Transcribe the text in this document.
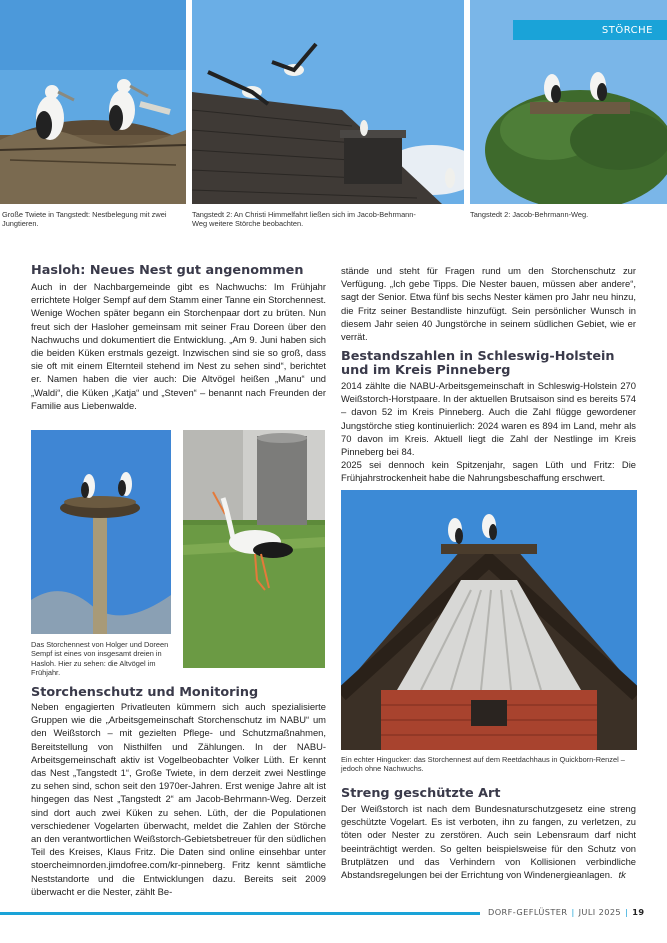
Große Twiete in Tangstedt: Nestbelegung mit zwei Jungtieren.
Tangstedt 2: An Christi Himmelfahrt ließen sich im Jacob-Behrmann-Weg weitere Störche beobachten.
STÖRCHE
Tangstedt 2: Jacob-Behrmann-Weg.
Hasloh: Neues Nest gut angenommen

Auch in der Nachbargemeinde gibt es Nachwuchs: Im Frühjahr errichtete Holger Sempf auf dem Stamm einer Tanne ein Storchennest. Wenige Wochen später begann ein Storchenpaar dort zu brüten. Nun freut sich der Hasloher gemeinsam mit seiner Frau Doreen über den Nachwuchs und dokumentiert die Entwicklung. „Am 9. Juni haben sich die beiden Küken erstmals gezeigt. Inzwischen sind sie so groß, dass sie oft mit einem Elternteil stehend im Nest zu sehen sind“, berichtet er. Namen haben die vier auch: Die Altvögel heißen „Manu“ und „Waldi“, die Küken „Katja“ und „Steven“ – benannt nach Freunden der Familie aus Liebenwalde.

stände und steht für Fragen rund um den Storchenschutz zur Verfügung. „Ich gebe Tipps. Die Nester bauen, müssen aber andere“, sagt der Senior. Etwa fünf bis sechs Nester kämen pro Jahr neu hinzu, die Fritz seiner Bestandliste hinzufügt. Sein persönlicher Wunsch in diesem Jahr seien 40 Jungstörche in seinem südlichen Gebiet, wie er verrät.

Bestandszahlen in Schleswig-Holstein und im Kreis Pinneberg

2014 zählte die NABU-Arbeitsgemeinschaft in Schleswig-Holstein 270 Weißstorch-Horstpaare. In der aktuellen Brutsaison sind es bereits 574 – davon 52 im Kreis Pinneberg. Auch die Zahl flügge gewordener Jungstörche stieg kontinuierlich: 2024 waren es 894 im Land, mehr als 70 davon im Kreis. Aktuell liegt die Zahl der Nestlinge im Kreis Pinneberg bei 84.

2025 sei dennoch kein Spitzenjahr, sagen Lüth und Fritz: Die Frühjahrstrockenheit habe die Nahrungsbeschaffung erschwert.

Das Storchennest von Holger und Doreen Sempf ist eines von insgesamt dreien in Hasloh. Hier zu sehen: die Altvögel im Frühjahr.
Ein echter Hingucker: das Storchennest auf dem Reetdachhaus in Quickborn-Renzel – jedoch ohne Nachwuchs.
Storchenschutz und Monitoring

Neben engagierten Privatleuten kümmern sich auch spezialisierte Gruppen wie die „Arbeitsgemeinschaft Storchenschutz im NABU“ um den Weißstorch – mit gezielten Pflege- und Schutzmaßnahmen, Bereitstellung von Nisthilfen und Zählungen. In der NABU-Arbeitsgemeinschaft aktiv ist Vogelbeobachter Volker Lüth. Er kennt das Nest „Tangstedt 1“, Große Twiete, in dem derzeit zwei Nestlinge zu sehen sind, schon seit den 1970er-Jahren. Erst wenige Jahre alt ist hingegen das Nest „Tangstedt 2“ am Jacob-Behrmann-Weg. Derzeit sind dort auch zwei Küken zu sehen. Lüth, der die Populationen verschiedener Vogelarten überwacht, meldet die Zahlen der Störche an den verantwortlichen Weißstorch-Gebietsbetreuer für den südlichen Teil des Kreises, Klaus Fritz. Die Daten sind online einsehbar unter stoercheimnorden.jimdofree.com/kr-pinneberg. Fritz kennt sämtliche Neststandorte und die Entwicklungen dazu. Bereits seit 2009 überwacht er die Nester, zählt Be-

Streng geschützte Art

Der Weißstorch ist nach dem Bundesnaturschutzgesetz eine streng geschützte Vogelart. Es ist verboten, ihn zu fangen, zu verletzen, zu töten oder Nester zu zerstören. Auch sein Lebensraum darf nicht beeinträchtigt werden. So gelten beispielsweise für den Schutz von Brutplätzen und das Verhindern von Kollisionen verbindliche Abstandsregelungen bei der Errichtung von Windenergieanlagen. tk

DORF-GEFLÜSTER | JULI 2025 | 19
